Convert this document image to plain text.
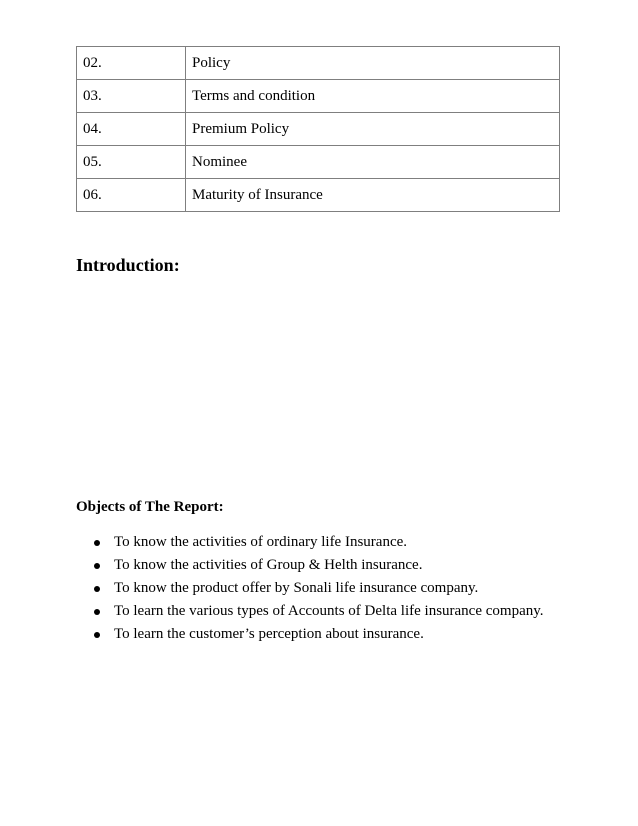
02.	Policy
03.	Terms and condition
04.	Premium Policy
05.	Nominee
06.	Maturity of Insurance
Introduction:
Objects of The Report:
To know the activities of ordinary life Insurance.
To know the activities of Group & Helth insurance.
To know the product offer by Sonali life insurance company.
To learn the various types of Accounts of Delta life insurance company.
To learn the customer’s perception about insurance.
